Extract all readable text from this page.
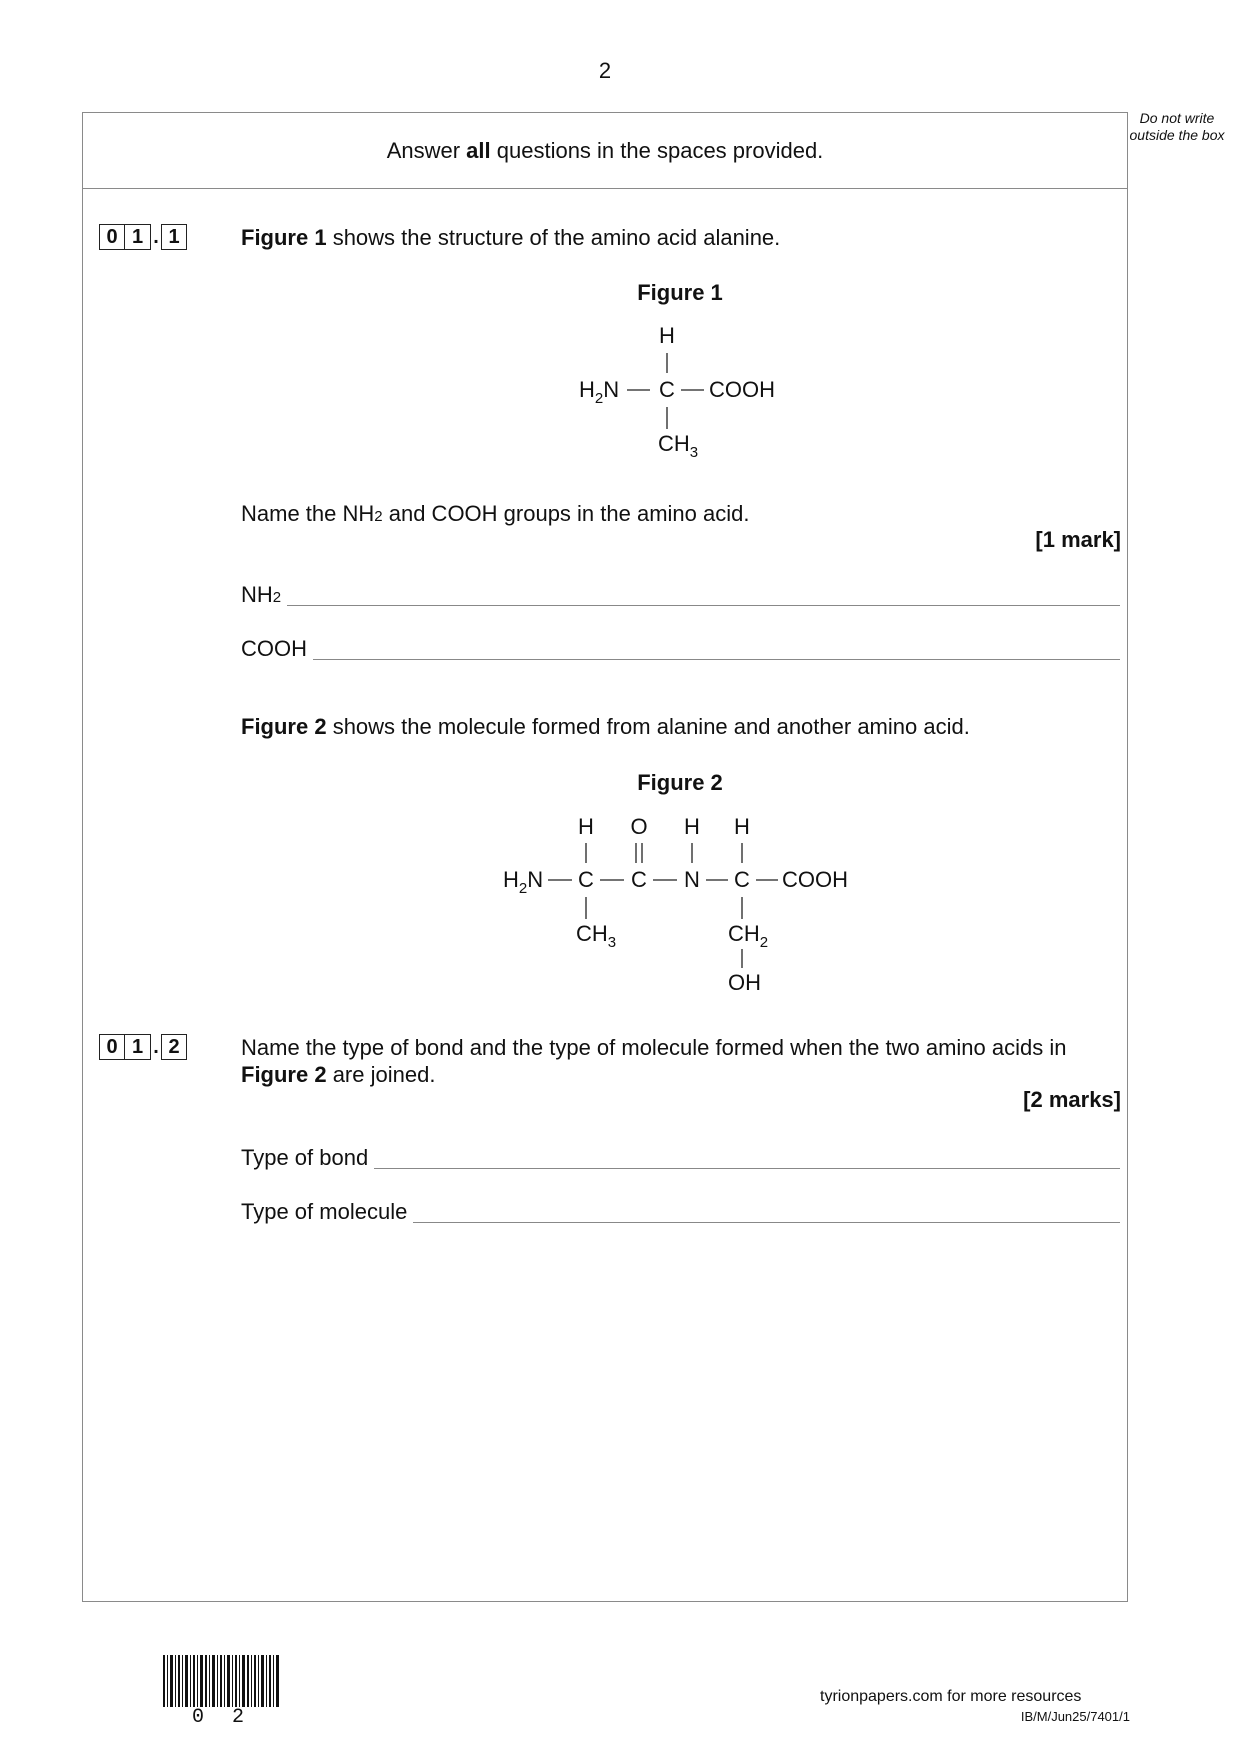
2
Do not write outside the box
Answer all questions in the spaces provided.
0 1 . 1	Figure 1 shows the structure of the amino acid alanine.
Figure 1
H
$H_2N$ C COOH
$CH_3$
Name the NH2 and COOH groups in the amino acid.
[1 mark]
NH2
COOH
Figure 2 shows the molecule formed from alanine and another amino acid.
Figure 2
$H_2N$ C C N C COOH
H O H H
$CH_3$	$CH_2$
OH
0 1 . 2	Name the type of bond and the type of molecule formed when the two amino acids in
Figure 2 are joined.
[2 marks]
Type of bond
Type of molecule
0 2
tyrionpapers.com for more resources
IB/M/Jun25/7401/1
